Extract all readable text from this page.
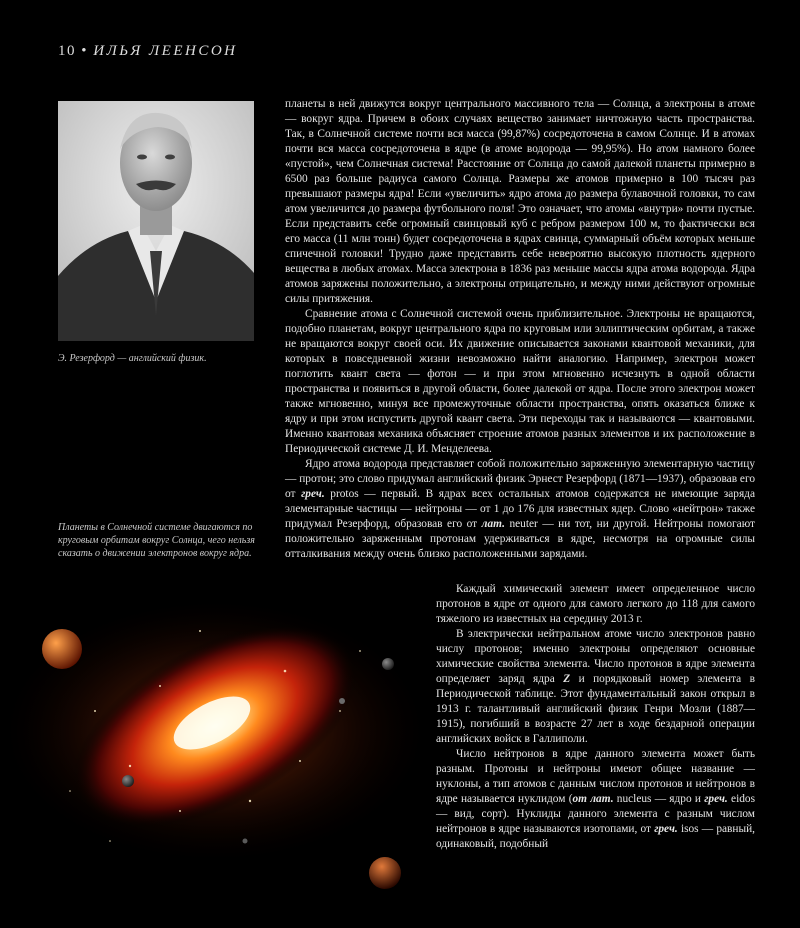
10 • ИЛЬЯ ЛЕЕНСОН
Э. Резерфорд — английский физик.
Планеты в Солнечной системе двигаются по круговым орбитам вокруг Солнца, чего нельзя сказать о движении электронов вокруг ядра.

планеты в ней движутся вокруг центрального массивного тела — Солнца, а электроны в атоме — вокруг ядра. Причем в обоих случаях вещество занимает ничтожную часть пространства. Так, в Солнечной системе почти вся масса (99,87%) сосредоточена в самом Солнце. И в атомах почти вся масса сосредоточена в ядре (в атоме водорода — 99,95%). Но атом намного более «пустой», чем Солнечная система! Расстояние от Солнца до самой далекой планеты примерно в 6500 раз больше радиуса самого Солнца. Размеры же атомов примерно в 100 тысяч раз превышают размеры ядра! Если «увеличить» ядро атома до размера булавочной головки, то сам атом увеличится до размера футбольного поля! Это означает, что атомы «внутри» почти пустые. Если представить себе огромный свинцовый куб с ребром размером 100 м, то фактически вся его масса (11 млн тонн) будет сосредоточена в ядрах свинца, суммарный объём которых меньше спичечной головки! Трудно даже представить себе невероятно высокую плотность ядерного вещества в любых атомах. Масса электрона в 1836 раз меньше массы ядра атома водорода. Ядра атомов заряжены положительно, а электроны отрицательно, и между ними действуют огромные силы притяжения.

Сравнение атома с Солнечной системой очень приблизительное. Электроны не вращаются, подобно планетам, вокруг центрального ядра по круговым или эллиптическим орбитам, а также не вращаются вокруг своей оси. Их движение описывается законами квантовой механики, для которых в повседневной жизни невозможно найти аналогию. Например, электрон может поглотить квант света — фотон — и при этом мгновенно исчезнуть в одной области пространства и появиться в другой области, более далекой от ядра. После этого электрон может также мгновенно, минуя все промежуточные области пространства, опять оказаться ближе к ядру и при этом испустить другой квант света. Эти переходы так и называются — квантовыми. Именно квантовая механика объясняет строение атомов разных элементов и их расположение в Периодической системе Д. И. Менделеева.

Ядро атома водорода представляет собой положительно заряженную элементарную частицу — протон; это слово придумал английский физик Эрнест Резерфорд (1871—1937), образовав его от греч. protos — первый. В ядрах всех остальных атомов содержатся не имеющие заряда элементарные частицы — нейтроны — от 1 до 176 для известных ядер. Слово «нейтрон» также придумал Резерфорд, образовав его от лат. neuter — ни тот, ни другой. Нейтроны помогают положительно заряженным протонам удерживаться в ядре, несмотря на огромные силы отталкивания между очень близко расположенными зарядами.

Каждый химический элемент имеет определенное число протонов в ядре от одного для самого легкого до 118 для самого тяжелого из известных на середину 2013 г.

В электрически нейтральном атоме число электронов равно числу протонов; именно электроны определяют основные химические свойства элемента. Число протонов в ядре элемента определяет заряд ядра Z и порядковый номер элемента в Периодической таблице. Этот фундаментальный закон открыл в 1913 г. талантливый английский физик Генри Мозли (1887—1915), погибший в возрасте 27 лет в ходе бездарной операции английских войск в Галлиполи.

Число нейтронов в ядре данного элемента может быть разным. Протоны и нейтроны имеют общее название — нуклоны, а тип атомов с данным числом протонов и нейтронов в ядре называется нуклидом (от лат. nucleus — ядро и греч. eidos — вид, сорт). Нуклиды данного элемента с разным числом нейтронов в ядре называются изотопами, от греч. isos — равный, одинаковый, подобный
